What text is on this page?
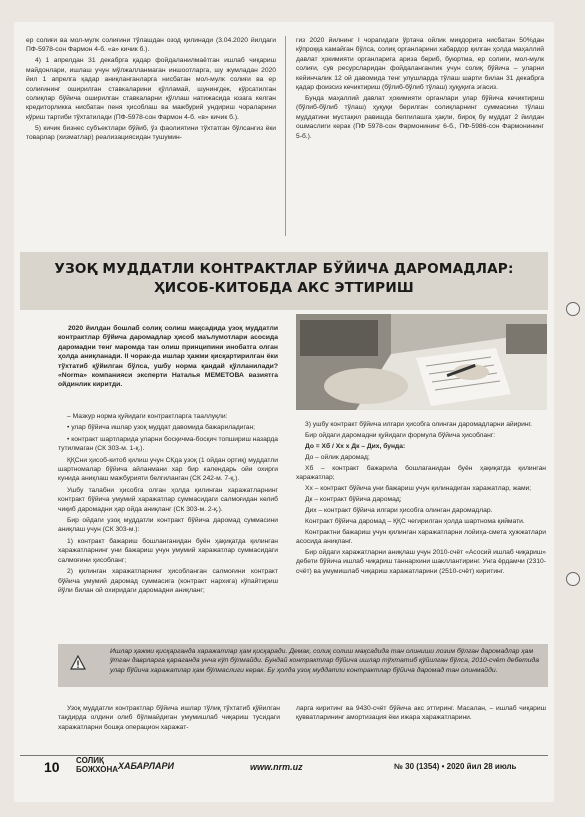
ер солиғи ва мол-мулк солиғини тўлашдан озод қилинади (3.04.2020 йилдаги ПФ-5978-сон Фармон 4-б. «а» кичик б.).

4) 1 апрелдан 31 декабрга қадар фойдаланилмаётган ишлаб чиқариш майдонлари, ишлаш учун мўлжалланмаган иншоотларга, шу жумладан 2020 йил 1 апрелга қадар аниқланганларга нисбатан мол-мулк солиғи ва ер солиғининг оширилган ставкаларини қўлламай, шунингдек, кўрсатилган солиқлар бўйича оширилган ставкаларни қўллаш натижасида юзага келган кредиторликка нисбатан пеня ҳисоблаш ва мажбурий ундириш чораларини кўриш тартиби тўхтатилади (ПФ-5978-сон Фармон 4-б. «в» кичик б.).

5) кичик бизнес субъектлари бўйиб, ўз фаолиятини тўхтатган бўлсангиз ёки товарлар (хизматлар) реализациясидан тушумин-

гиз 2020 йилнинг I чорагидаги ўртача ойлик миқдорига нисбатан 50%дан кўпроққа камайган бўлса, солиқ органларини хабардор қилган ҳолда маҳаллий давлат ҳокимияти органларига ариза бериб, буюртма, ер солиғи, мол-мулк солиғи, сув ресурсларидан фойдаланганлик учун солиқ бўйича – уларни кейинчалик 12 ой давомида тенг улушларда тўлаш шарти билан 31 декабрга қадар фоизсиз кечиктириш (бўлиб-бўлиб тўлаш) ҳуқуқига эгасиз.

Бунда маҳаллий давлат ҳокимияти органлари улар бўйича кечиктириш (бўлиб-бўлиб тўлаш) ҳуқуқи берилган солиқларнинг суммасини тўлаш муддатини мустақил равишда белгилашга ҳақли, бироқ бу муддат 2 йилдан ошмаслиги керак (ПФ 5978-сон Фармонининг 6-б., ПФ-5986-сон Фармонининг 5-б.).

УЗОҚ МУДДАТЛИ КОНТРАКТЛАР БЎЙИЧА ДАРОМАДЛАР:
ҲИСОБ-КИТОБДА АКС ЭТТИРИШ
2020 йилдан бошлаб солиқ солиш мақсадида узоқ муддатли контрактлар бўйича даромадлар ҳисоб маълумотлари асосида даромадни тенг маромда тан олиш принципини инобатга олган ҳолда аниқланади. II чорак-да ишлар ҳажми қисқартирилган ёки тўхтатиб қўйилган бўлса, ушбу норма қандай қўлланилади? «Norma» компанияси эксперти Наталья МЕМЕТОВА вазиятга ойдинлик киритди.

– Мазкур норма қуйидаги контрактларга тааллуқли:

• улар бўйича ишлар узоқ муддат давомида бажариладиган;

• контракт шартларида уларни босқичма-босқич топшириш назарда тутилмаган (СК 303-м. 1-қ.).

ҚҚСни ҳисоб-китоб қилиш учун СКда узоқ (1 ойдан ортиқ) муддатли шартномалар бўйича айланмани хар бир календарь ойи охирги кунида аниқлаш мажбурияти белгиланган (СК 242-м. 7-қ.).

Ушбу талабни ҳисобга олган ҳолда қилинган харажатларнинг контракт бўйича умумий харажатлар суммасидаги салмоғидан келиб чиқиб даромадни ҳар ойда аниқланг (СК 303-м. 2-қ.).

Бир ойдаги узоқ муддатли контракт бўйича даромад суммасини аниқлаш учун (СК 303-м.):

1) контракт бажариш бошланганидан буён ҳақиқатда қилинган харажатларнинг уни бажариш учун умумий харажатлар суммасидаги салмоғини ҳисобланг;

2) қилинган харажатларнинг ҳисобланган салмоғини контракт бўйича умумий даромад суммасига (контракт нархига) кўпайтириш йўли билан ой охиридаги даромадни аниқланг;

3) ушбу контракт бўйича илгари ҳисобга олинган даромадларни айиринг.

Бир ойдаги даромадни қуйидаги формула бўйича ҳисобланг:

До = Хб / Хх х Дк – Дих, бунда:

До – ойлик даромад;

Хб – контракт бажарила бошлаганидан буён ҳақиқатда қилинган харажатлар;

Хх – контракт бўйича уни бажариш учун қилинадиган харажатлар, жами;

Дк – контракт бўйича даромад;

Дих – контракт бўйича илгари ҳисобга олинган даромадлар.

Контракт бўйича даромад – ҚҚС чегирилган ҳолда шартнома қиймати.

Контрактни бажариш учун қилинган харажатларни лойиҳа-смета ҳужжатлари асосида аниқланг.

Бир ойдаги харажатларни аниқлаш учун 2010-счёт «Асосий ишлаб чиқариш» дебети бўйича ишлаб чиқариш таннархини шакллантиринг. Унга ёрдамчи (2310-счёт) ва умумишлаб чиқариш харажатларини (2510-счёт) киритинг.

Ишлар ҳажми қисқарганда харажатлар ҳам қисқаради. Демак, солиқ солиш мақсадида тан олиниши лозим бўлган даромадлар ҳам ўтган даврларга қараганда унча кўп бўлмайди. Бундай контрактлар бўйича ишлар тўхтатиб қўйилган бўлса, 2010-счёт дебетида улар бўйича харажатлар ҳам бўлмаслиги керак. Бу ҳолда узоқ муддатли контрактлар бўйича даромад тан олинмайди.

Узоқ муддатли контрактлар бўйича ишлар тўлиқ тўхтатиб қўйилган тақдирда олдини олиб бўлмайдиган умумишлаб чиқариш тусидаги харажатларни бошқа операцион харажат-

ларга киритинг ва 9430-счёт бўйича акс эттиринг. Масалан, – ишлаб чиқариш қувватларининг амортизация ёки ижара харажатларини.

10	СОЛИҚ
БОЖХОНА ХАБАРЛАРИ	www.nrm.uz	№ 30 (1354) • 2020 йил 28 июль
